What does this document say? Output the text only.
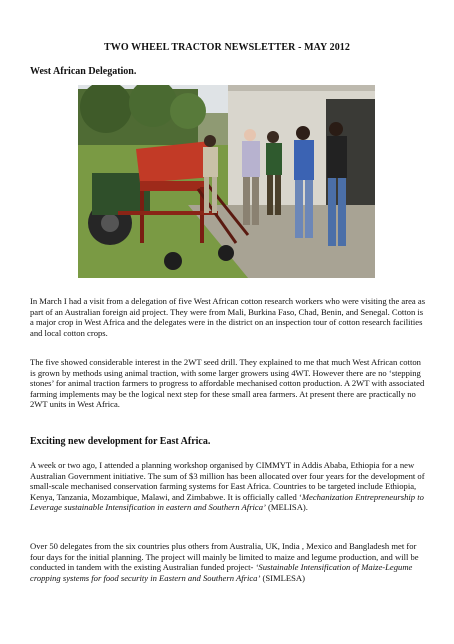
TWO WHEEL TRACTOR NEWSLETTER - MAY 2012
West African Delegation.

In March I had a visit from a delegation of five West African cotton research workers who were visiting the area as part of an Australian foreign aid project. They were from Mali, Burkina Faso, Chad, Benin, and Senegal. Cotton is a major crop in West Africa and the delegates were in the district on an inspection tour of cotton research facilities and local cotton crops.

The five showed considerable interest in the 2WT seed drill. They explained to me that much West African cotton is grown by methods using animal traction, with some larger growers using 4WT. However there are no ‘stepping stones’ for animal traction farmers to progress to affordable mechanised cotton production. A 2WT with associated farming implements may be the logical next step for these small area farmers. At present there are practically no 2WT units in West Africa.

Exciting new development for East Africa.

A week or two ago, I attended a planning workshop organised by CIMMYT in Addis Ababa, Ethiopia for a new Australian Government initiative. The sum of $3 million has been allocated over four years for the development of small-scale mechanised conservation farming systems for East Africa. Countries to be targeted include Ethiopia, Kenya, Tanzania, Mozambique, Malawi, and Zimbabwe. It is officially called ‘Mechanization Entrepreneurship to Leverage sustainable Intensification in eastern and Southern Africa’ (MELISA).

Over 50 delegates from the six countries plus others from Australia, UK, India , Mexico and Bangladesh met for four days for the initial planning. The project will mainly be limited to maize and legume production, and will be conducted in tandem with the existing Australian funded project- ‘Sustainable Intensification of Maize-Legume cropping systems for food security in Eastern and Southern Africa’ (SIMLESA)
